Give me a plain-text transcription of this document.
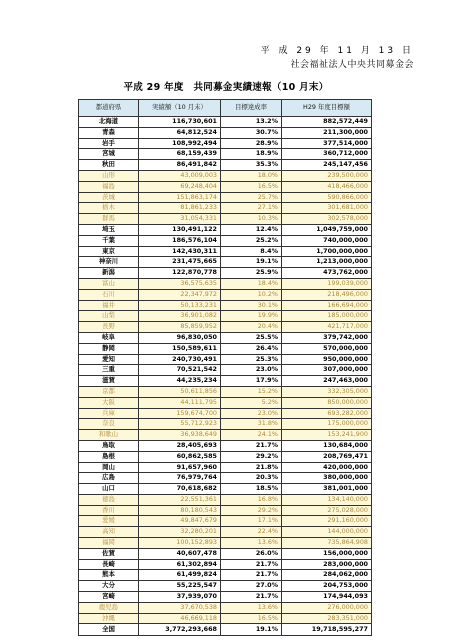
平 成 29 年 11 月 13 日
社会福祉法人中央共同募金会
平成 29 年度　共同募金実績速報（10 月末）
都道府県	実績額（10 月末）	目標達成率	H29 年度目標額
北海道	116,730,601	13.2%	882,572,449
青森	64,812,524	30.7%	211,300,000
岩手	108,992,494	28.9%	377,514,000
宮城	68,159,439	18.9%	360,712,000
秋田	86,491,842	35.3%	245,147,456
山形	43,009,003	18.0%	239,500,000
福島	69,248,404	16.5%	418,466,000
茨城	151,863,174	25.7%	590,866,000
栃木	81,861,233	27.1%	301,681,000
群馬	31,054,331	10.3%	302,578,000
埼玉	130,491,122	12.4%	1,049,759,000
千葉	186,576,104	25.2%	740,000,000
東京	142,430,311	8.4%	1,700,000,000
神奈川	231,475,665	19.1%	1,213,000,000
新潟	122,870,778	25.9%	473,762,000
富山	36,575,635	18.4%	199,039,000
石川	22,347,972	10.2%	218,496,000
福井	50,133,231	30.1%	166,694,000
山梨	36,901,082	19.9%	185,000,000
長野	85,859,952	20.4%	421,717,000
岐阜	96,830,050	25.5%	379,742,000
静岡	150,589,611	26.4%	570,000,000
愛知	240,730,491	25.3%	950,000,000
三重	70,521,542	23.0%	307,000,000
滋賀	44,235,234	17.9%	247,463,000
京都	50,611,856	15.2%	332,305,000
大阪	44,111,795	5.2%	850,000,000
兵庫	159,674,700	23.0%	693,282,000
奈良	55,712,923	31.8%	175,000,000
和歌山	36,938,649	24.1%	153,241,900
鳥取	28,405,693	21.7%	130,684,000
島根	60,862,585	29.2%	208,769,471
岡山	91,657,960	21.8%	420,000,000
広島	76,979,764	20.3%	380,000,000
山口	70,618,682	18.5%	381,001,000
徳島	22,551,361	16.8%	134,140,000
香川	80,180,543	29.2%	275,028,000
愛媛	49,847,679	17.1%	291,160,000
高知	32,280,201	22.4%	144,000,000
福岡	100,152,893	13.6%	735,864,908
佐賀	40,607,478	26.0%	156,000,000
長崎	61,302,894	21.7%	283,000,000
熊本	61,499,824	21.7%	284,062,000
大分	55,225,547	27.0%	204,753,000
宮崎	37,939,070	21.7%	174,944,093
鹿児島	37,670,538	13.6%	276,000,000
沖縄	46,669,118	16.5%	283,351,000
全国	3,772,293,668	19.1%	19,718,595,277
